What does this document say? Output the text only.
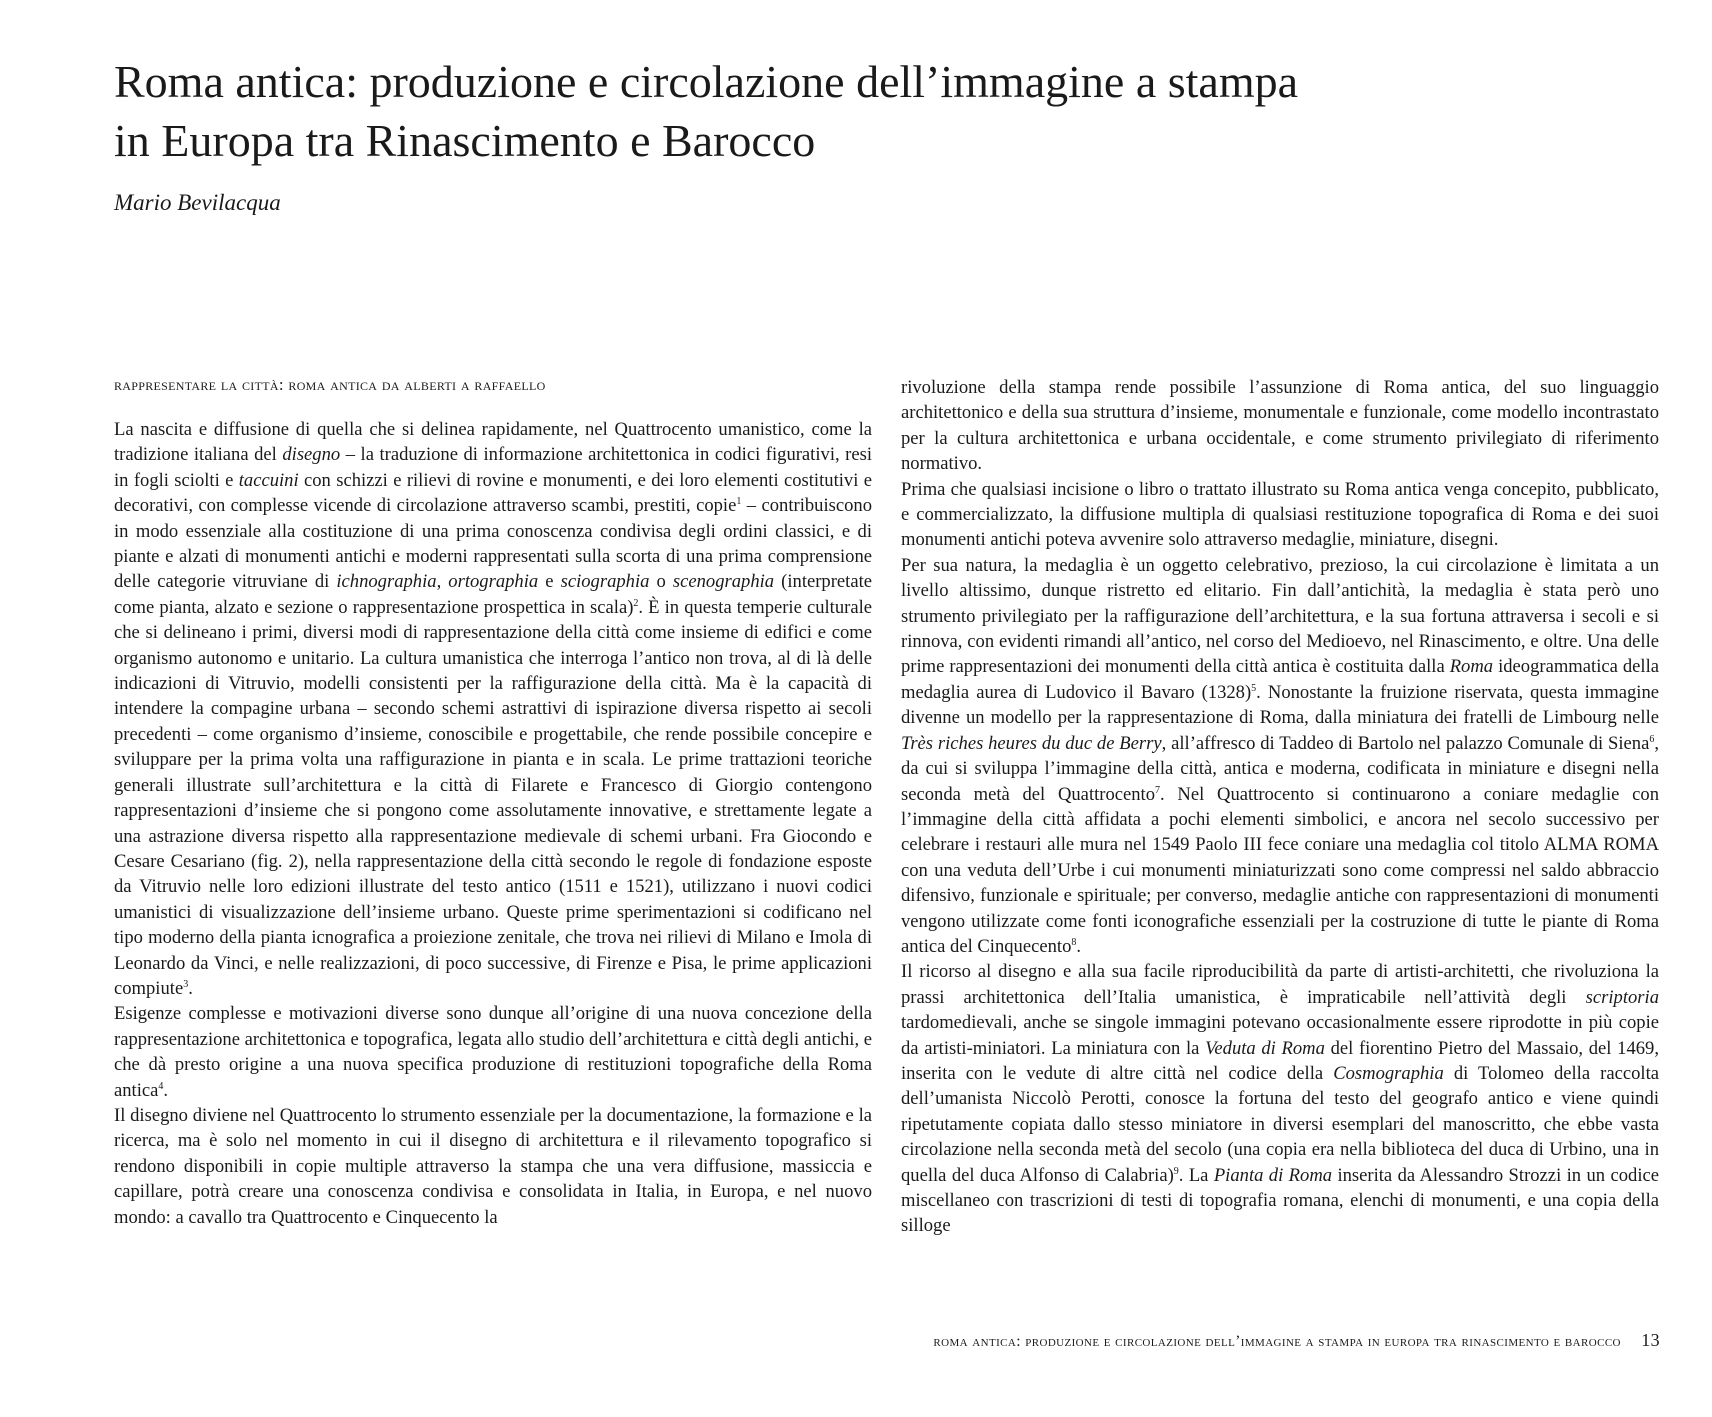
Roma antica: produzione e circolazione dell’immagine a stampa
in Europa tra Rinascimento e Barocco
Mario Bevilacqua
rappresentare la città: roma antica da alberti a raffaello

La nascita e diffusione di quella che si delinea rapidamente, nel Quattrocento umanistico, come la tradizione italiana del disegno – la traduzione di informazione architettonica in codici figurativi, resi in fogli sciolti e taccuini con schizzi e rilievi di rovine e monumenti, e dei loro elementi costitutivi e decorativi, con complesse vicende di circolazione attraverso scambi, prestiti, copie$^1$ – contribuiscono in modo essenziale alla costituzione di una prima conoscenza condivisa degli ordini classici, e di piante e alzati di monumenti antichi e moderni rappresentati sulla scorta di una prima comprensione delle categorie vitruviane di ichnographia, ortographia e sciographia o scenographia (interpretate come pianta, alzato e sezione o rappresentazione prospettica in scala)$^2$. È in questa temperie culturale che si delineano i primi, diversi modi di rappresentazione della città come insieme di edifici e come organismo autonomo e unitario. La cultura umanistica che interroga l’antico non trova, al di là delle indicazioni di Vitruvio, modelli consistenti per la raffigurazione della città. Ma è la capacità di intendere la compagine urbana – secondo schemi astrattivi di ispirazione diversa rispetto ai secoli precedenti – come organismo d’insieme, conoscibile e progettabile, che rende possibile concepire e sviluppare per la prima volta una raffigurazione in pianta e in scala. Le prime trattazioni teoriche generali illustrate sull’architettura e la città di Filarete e Francesco di Giorgio contengono rappresentazioni d’insieme che si pongono come assolutamente innovative, e strettamente legate a una astrazione diversa rispetto alla rappresentazione medievale di schemi urbani. Fra Giocondo e Cesare Cesariano (fig. 2), nella rappresentazione della città secondo le regole di fondazione esposte da Vitruvio nelle loro edizioni illustrate del testo antico (1511 e 1521), utilizzano i nuovi codici umanistici di visualizzazione dell’insieme urbano. Queste prime sperimentazioni si codificano nel tipo moderno della pianta icnografica a proiezione zenitale, che trova nei rilievi di Milano e Imola di Leonardo da Vinci, e nelle realizzazioni, di poco successive, di Firenze e Pisa, le prime applicazioni compiute$^3$.

Esigenze complesse e motivazioni diverse sono dunque all’origine di una nuova concezione della rappresentazione architettonica e topografica, legata allo studio dell’architettura e città degli antichi, e che dà presto origine a una nuova specifica produzione di restituzioni topografiche della Roma antica$^4$.

Il disegno diviene nel Quattrocento lo strumento essenziale per la documentazione, la formazione e la ricerca, ma è solo nel momento in cui il disegno di architettura e il rilevamento topografico si rendono disponibili in copie multiple attraverso la stampa che una vera diffusione, massiccia e capillare, potrà creare una conoscenza condivisa e consolidata in Italia, in Europa, e nel nuovo mondo: a cavallo tra Quattrocento e Cinquecento la

rivoluzione della stampa rende possibile l’assunzione di Roma antica, del suo linguaggio architettonico e della sua struttura d’insieme, monumentale e funzionale, come modello incontrastato per la cultura architettonica e urbana occidentale, e come strumento privilegiato di riferimento normativo.

Prima che qualsiasi incisione o libro o trattato illustrato su Roma antica venga concepito, pubblicato, e commercializzato, la diffusione multipla di qualsiasi restituzione topografica di Roma e dei suoi monumenti antichi poteva avvenire solo attraverso medaglie, miniature, disegni.

Per sua natura, la medaglia è un oggetto celebrativo, prezioso, la cui circolazione è limitata a un livello altissimo, dunque ristretto ed elitario. Fin dall’antichità, la medaglia è stata però uno strumento privilegiato per la raffigurazione dell’architettura, e la sua fortuna attraversa i secoli e si rinnova, con evidenti rimandi all’antico, nel corso del Medioevo, nel Rinascimento, e oltre. Una delle prime rappresentazioni dei monumenti della città antica è costituita dalla Roma ideogrammatica della medaglia aurea di Ludovico il Bavaro $(1328)^5$. Nonostante la fruizione riservata, questa immagine divenne un modello per la rappresentazione di Roma, dalla miniatura dei fratelli de Limbourg nelle Très riches heures du duc de Berry, all’affresco di Taddeo di Bartolo nel palazzo Comunale di Siena$^6$, da cui si sviluppa l’immagine della città, antica e moderna, codificata in miniature e disegni nella seconda metà del Quattrocento$^7$. Nel Quattrocento si continuarono a coniare medaglie con l’immagine della città affidata a pochi elementi simbolici, e ancora nel secolo successivo per celebrare i restauri alle mura nel 1549 Paolo III fece coniare una medaglia col titolo ALMA ROMA con una veduta dell’Urbe i cui monumenti miniaturizzati sono come compressi nel saldo abbraccio difensivo, funzionale e spirituale; per converso, medaglie antiche con rappresentazioni di monumenti vengono utilizzate come fonti iconografiche essenziali per la costruzione di tutte le piante di Roma antica del Cinquecento$^8$.

Il ricorso al disegno e alla sua facile riproducibilità da parte di artisti-architetti, che rivoluziona la prassi architettonica dell’Italia umanistica, è impraticabile nell’attività degli scriptoria tardomedievali, anche se singole immagini potevano occasionalmente essere riprodotte in più copie da artisti-miniatori. La miniatura con la Veduta di Roma del fiorentino Pietro del Massaio, del 1469, inserita con le vedute di altre città nel codice della Cosmographia di Tolomeo della raccolta dell’umanista Niccolò Perotti, conosce la fortuna del testo del geografo antico e viene quindi ripetutamente copiata dallo stesso miniatore in diversi esemplari del manoscritto, che ebbe vasta circolazione nella seconda metà del secolo (una copia era nella biblioteca del duca di Urbino, una in quella del duca Alfonso di Calabria)$^9$. La Pianta di Roma inserita da Alessandro Strozzi in un codice miscellaneo con trascrizioni di testi di topografia romana, elenchi di monumenti, e una copia della silloge

roma antica: produzione e circolazione dell’immagine a stampa in europa tra rinascimento e barocco 13
